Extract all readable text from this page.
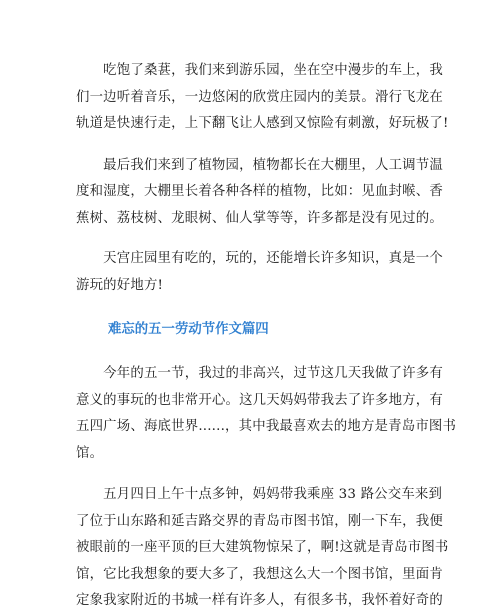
　　吃饱了桑葚，我们来到游乐园，坐在空中漫步的车上，我
们一边听着音乐，一边悠闲的欣赏庄园内的美景。滑行飞龙在
轨道是快速行走，上下翻飞让人感到又惊险有刺激，好玩极了!

　　最后我们来到了植物园，植物都长在大棚里，人工调节温
度和湿度，大棚里长着各种各样的植物，比如：见血封喉、香
蕉树、荔枝树、龙眼树、仙人掌等等，许多都是没有见过的。

　　天宫庄园里有吃的，玩的，还能增长许多知识，真是一个
游玩的好地方!

难忘的五一劳动节作文篇四

　　今年的五一节，我过的非高兴，过节这几天我做了许多有
意义的事玩的也非常开心。这几天妈妈带我去了许多地方，有
五四广场、海底世界......，其中我最喜欢去的地方是青岛市图书
馆。

　　五月四日上午十点多钟，妈妈带我乘座 33 路公交车来到
了位于山东路和延吉路交界的青岛市图书馆，刚一下车，我便
被眼前的一座平顶的巨大建筑物惊呆了，啊!这就是青岛市图书
馆，它比我想象的要大多了，我想这么大一个图书馆，里面肯
定象我家附近的书城一样有许多人，有很多书，我怀着好奇的
